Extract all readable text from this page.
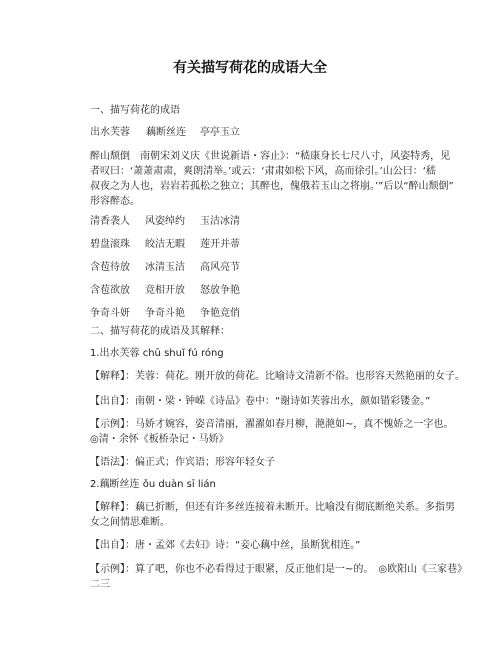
有关描写荷花的成语大全
一、描写荷花的成语
出水芙蓉 藕断丝连 亭亭玉立
醉山颓倒　南朝宋刘义庆《世说新语・容止》：“嵇康身长七尺八寸，风姿特秀，见
者叹曰：‘萧萧肃肃，爽朗清举。’或云：‘肃肃如松下风，高而徐引。’山公曰：‘嵇
叔夜之为人也，岩岩若孤松之独立；其醉也，傀俄若玉山之将崩。’”后以“醉山颓倒”
形容醉态。
清香袭人	风姿绰约	玉洁冰清
碧盘滚珠	皎洁无暇	莲开并蒂
含苞待放	冰清玉洁	高风亮节
含苞欲放	竞相开放	怒放争艳
争奇斗妍	争奇斗艳	争艳竞俏
二、描写荷花的成语及其解释：
1.出水芙蓉 chū shuǐ fú róng
【解释】：芙蓉：荷花。刚开放的荷花。比喻诗文清新不俗。也形容天然艳丽的女子。
【出自】：南朝・梁・钟嵘《诗品》卷中：“谢诗如芙蓉出水，颜如错彩镂金。”
【示例】：马娇才婉容，姿音清丽，濯濯如春月柳，滟滟如~，真不愧娇之一字也。
◎清・余怀《板桥杂记・马娇》
【语法】：偏正式；作宾语；形容年轻女子
2.藕断丝连 ǒu duàn sī lián
【解释】：藕已折断，但还有许多丝连接着未断开。比喻没有彻底断绝关系。多指男
女之间情思难断。
【出自】：唐・孟郊《去妇》诗：“妾心藕中丝，虽断犹相连。”
【示例】：算了吧，你也不必看得过于眼紧，反正他们是一~的。　◎欧阳山《三家巷》
二三
